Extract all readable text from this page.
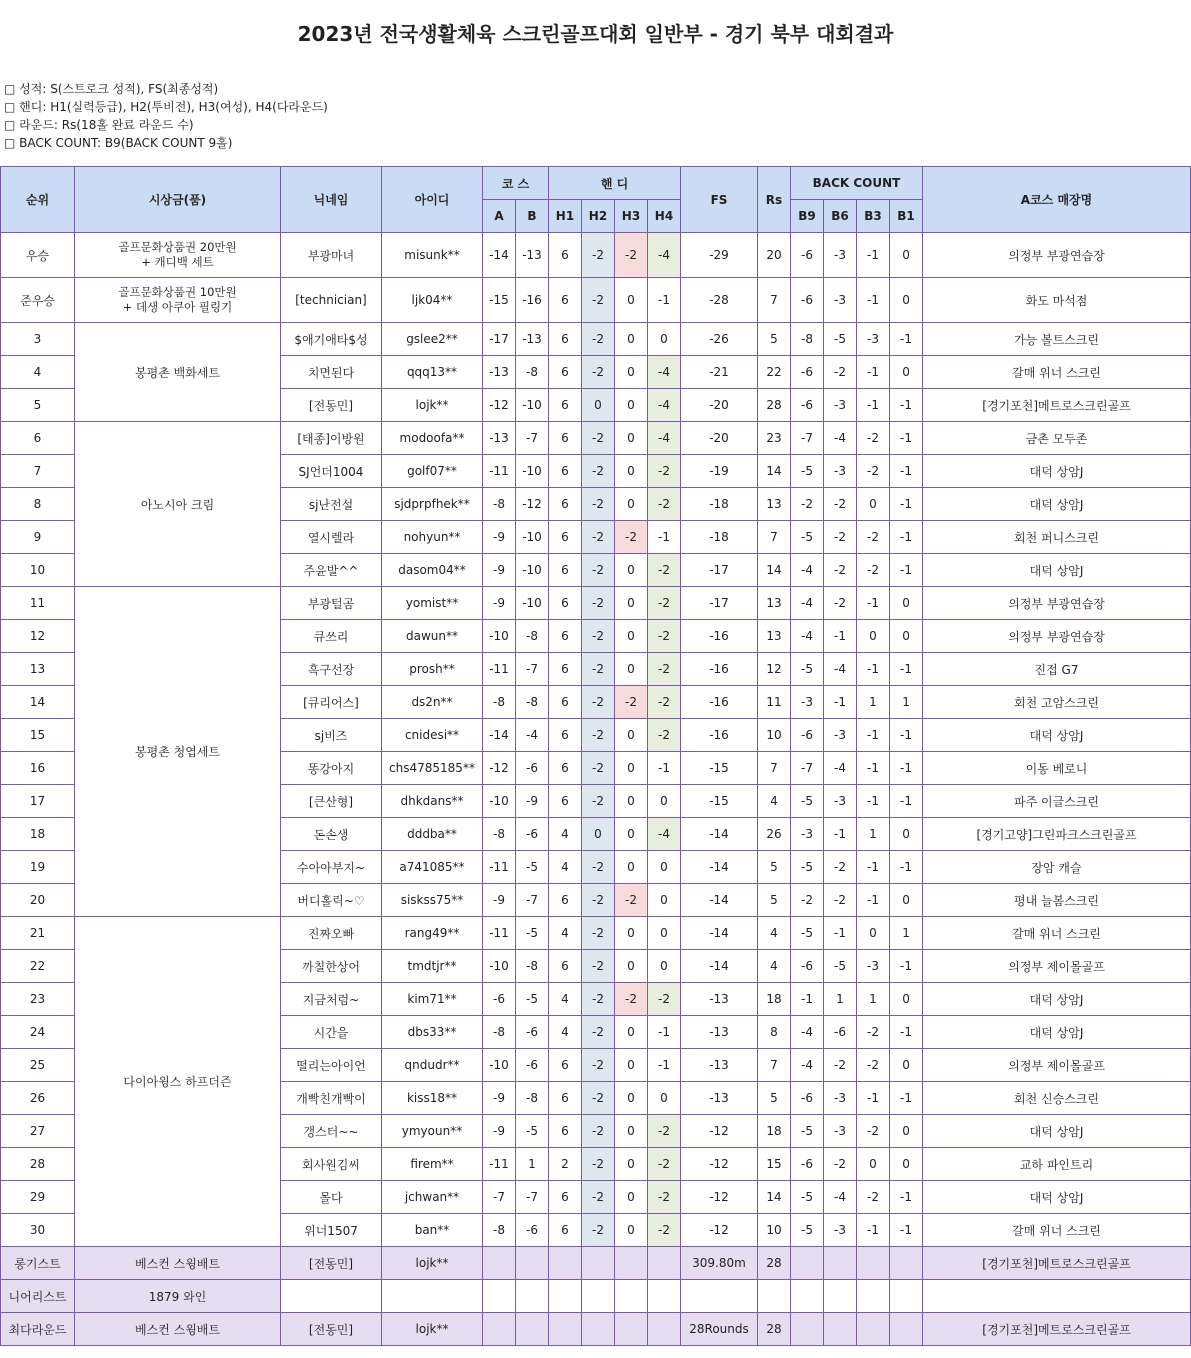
2023년 전국생활체육 스크린골프대회 일반부 - 경기 북부 대회결과
□ 성적: S(스트로크 성적), FS(최종성적)
□ 핸디: H1(실력등급), H2(투비전), H3(여성), H4(다라운드)
□ 라운드: Rs(18홀 완료 라운드 수)
□ BACK COUNT: B9(BACK COUNT 9홀)
순위	시상금(품)	닉네임	아이디	코 스		핸 디				FS	Rs	BACK COUNT				A코스 매장명
				A	B	H1	H2	H3	H4			B9	B6	B3	B1	
우승	골프문화상품권 20만원
+ 캐디백 세트	부광마녀	misunk**	-14	-13	6	-2	-2	-4	-29	20	-6	-3	-1	0	의정부 부광연습장
준우승	골프문화상품권 10만원
+ 데생 아쿠아 필링기	[technician]	ljk04**	-15	-16	6	-2	0	-1	-28	7	-6	-3	-1	0	화도 마석점
3	봉평촌 백화세트	$애기애타$성	gslee2**	-17	-13	6	-2	0	0	-26	5	-8	-5	-3	-1	가능 볼트스크린
4		치면된다	qqq13**	-13	-8	6	-2	0	-4	-21	22	-6	-2	-1	0	갈매 위너 스크린
5		[전동민]	lojk**	-12	-10	6	0	0	-4	-20	28	-6	-3	-1	-1	[경기포천]메트로스크린골프
6	아노시아 크림	[태종]이방원	modoofa**	-13	-7	6	-2	0	-4	-20	23	-7	-4	-2	-1	금촌 모두존
7		SJ언더1004	golf07**	-11	-10	6	-2	0	-2	-19	14	-5	-3	-2	-1	대덕 상암J
8		sj난전설	sjdprpfhek**	-8	-12	6	-2	0	-2	-18	13	-2	-2	0	-1	대덕 상암J
9		열시렐라	nohyun**	-9	-10	6	-2	-2	-1	-18	7	-5	-2	-2	-1	회천 퍼니스크린
10		주윤발^^	dasom04**	-9	-10	6	-2	0	-2	-17	14	-4	-2	-2	-1	대덕 상암J
11	봉평촌 청엽세트	부광털곰	yomist**	-9	-10	6	-2	0	-2	-17	13	-4	-2	-1	0	의정부 부광연습장
12		큐쓰리	dawun**	-10	-8	6	-2	0	-2	-16	13	-4	-1	0	0	의정부 부광연습장
13		흑구선장	prosh**	-11	-7	6	-2	0	-2	-16	12	-5	-4	-1	-1	진접 G7
14		[큐리어스]	ds2n**	-8	-8	6	-2	-2	-2	-16	11	-3	-1	1	1	회천 고암스크린
15		sj비즈	cnidesi**	-14	-4	6	-2	0	-2	-16	10	-6	-3	-1	-1	대덕 상암J
16		똥강아지	chs4785185**	-12	-6	6	-2	0	-1	-15	7	-7	-4	-1	-1	이동 베로니
17		[큰산형]	dhkdans**	-10	-9	6	-2	0	0	-15	4	-5	-3	-1	-1	파주 이글스크린
18		돈손생	dddba**	-8	-6	4	0	0	-4	-14	26	-3	-1	1	0	[경기고양]그린파크스크린골프
19		수아아부지~	a741085**	-11	-5	4	-2	0	0	-14	5	-5	-2	-1	-1	장암 캐슬
20		버디홀릭~♡	siskss75**	-9	-7	6	-2	-2	0	-14	5	-2	-2	-1	0	평내 늘봄스크린
21	다이아윙스 하프더즌	진짜오빠	rang49**	-11	-5	4	-2	0	0	-14	4	-5	-1	0	1	갈매 위너 스크린
22		까칠한상어	tmdtjr**	-10	-8	6	-2	0	0	-14	4	-6	-5	-3	-1	의정부 제이몰골프
23		지금처럼~	kim71**	-6	-5	4	-2	-2	-2	-13	18	-1	1	1	0	대덕 상암J
24		시간을	dbs33**	-8	-6	4	-2	0	-1	-13	8	-4	-6	-2	-1	대덕 상암J
25		떨리는아이언	qndudr**	-10	-6	6	-2	0	-1	-13	7	-4	-2	-2	0	의정부 제이몰골프
26		개빡친개빡이	kiss18**	-9	-8	6	-2	0	0	-13	5	-6	-3	-1	-1	회천 신승스크린
27		갱스터~~	ymyoun**	-9	-5	6	-2	0	-2	-12	18	-5	-3	-2	0	대덕 상암J
28		회사원김씨	firem**	-11	1	2	-2	0	-2	-12	15	-6	-2	0	0	교하 파인트리
29		몰다	jchwan**	-7	-7	6	-2	0	-2	-12	14	-5	-4	-2	-1	대덕 상암J
30		위너1507	ban**	-8	-6	6	-2	0	-2	-12	10	-5	-3	-1	-1	갈매 위너 스크린
롱기스트	베스컨 스윙배트	[전동민]	lojk**							309.80m	28					[경기포천]메트로스크린골프
니어리스트	1879 와인															
최다라운드	베스컨 스윙배트	[전동민]	lojk**							28Rounds	28					[경기포천]메트로스크린골프
